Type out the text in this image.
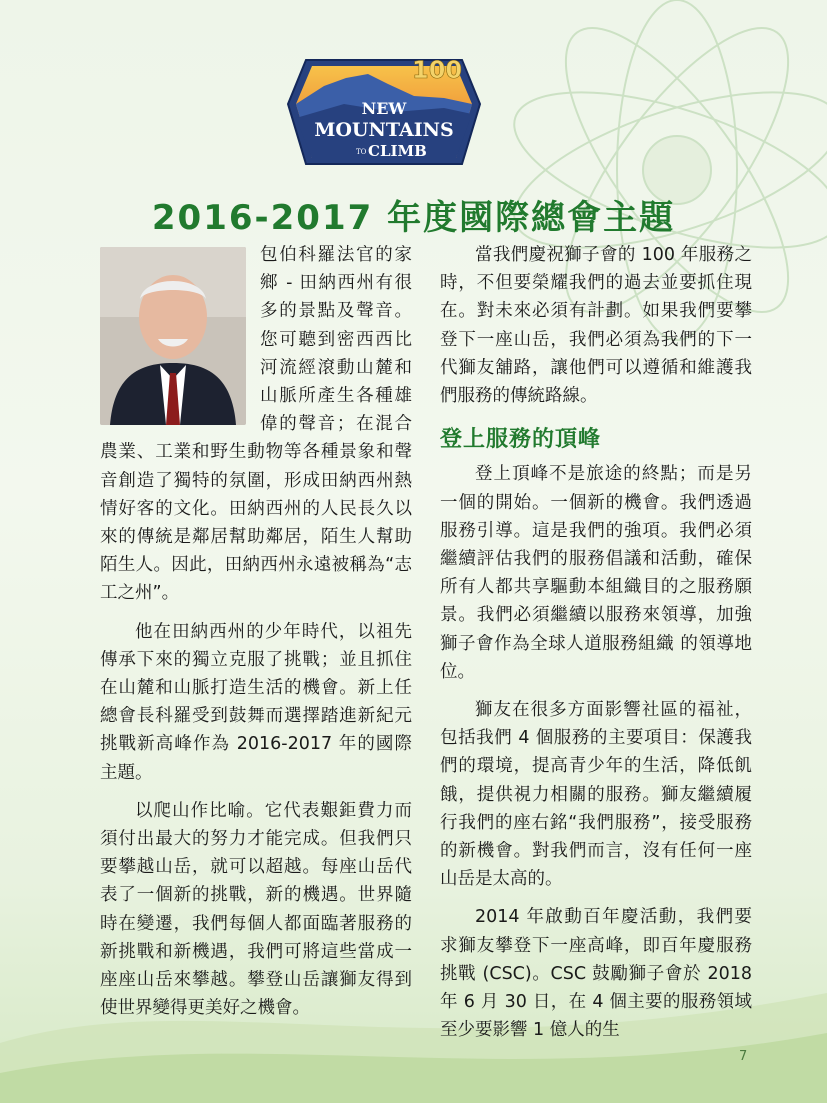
100
NEW
MOUNTAINS
TO CLIMB
2016-2017 年度國際總會主題

包伯科羅法官的家鄉 - 田納西州有很多的景點及聲音。 您可聽到密西西比河流經滾動山麓和山脈所產生各種雄偉的聲音；在混合農業、工業和野生動物等各種景象和聲音創造了獨特的氛圍，形成田納西州熱情好客的文化。田納西州的人民長久以來的傳統是鄰居幫助鄰居，陌生人幫助陌生人。因此，田納西州永遠被稱為“志工之州”。

他在田納西州的少年時代，以祖先傳承下來的獨立克服了挑戰；並且抓住在山麓和山脈打造生活的機會。新上任總會長科羅受到鼓舞而選擇踏進新紀元挑戰新高峰作為 2016-2017 年的國際主題。

以爬山作比喻。它代表艱鉅費力而須付出最大的努力才能完成。但我們只要攀越山岳，就可以超越。每座山岳代表了一個新的挑戰，新的機遇。世界隨時在變遷，我們每個人都面臨著服務的新挑戰和新機遇，我們可將這些當成一座座山岳來攀越。攀登山岳讓獅友得到使世界變得更美好之機會。

當我們慶祝獅子會的 100 年服務之時，不但要榮耀我們的過去並要抓住現在。對未來必須有計劃。如果我們要攀登下一座山岳，我們必須為我們的下一代獅友舖路，讓他們可以遵循和維護我們服務的傳統路線。

登上服務的頂峰

登上頂峰不是旅途的終點；而是另一個的開始。一個新的機會。我們透過服務引導。這是我們的強項。我們必須繼續評估我們的服務倡議和活動，確保所有人都共享驅動本組織目的之服務願景。我們必須繼續以服務來領導，加強獅子會作為全球人道服務組織 的領導地位。

獅友在很多方面影響社區的福祉，包括我們 4 個服務的主要項目：保護我們的環境，提高青少年的生活，降低飢餓，提供視力相關的服務。獅友繼續履行我們的座右銘“我們服務”，接受服務的新機會。對我們而言，沒有任何一座山岳是太高的。

2014 年啟動百年慶活動，我們要求獅友攀登下一座高峰，即百年慶服務挑戰 (CSC)。CSC 鼓勵獅子會於 2018 年 6 月 30 日，在 4 個主要的服務領域至少要影響 1 億人的生

7
